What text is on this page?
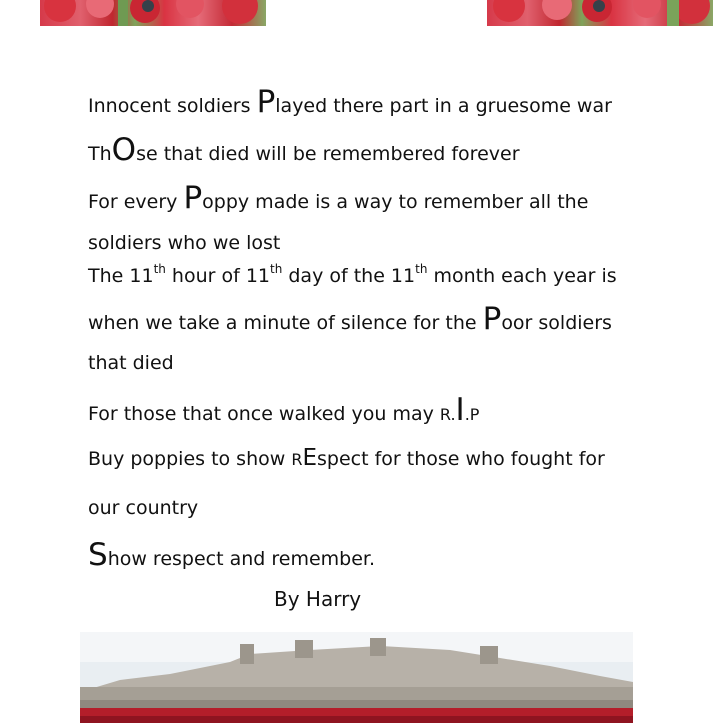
Innocent soldiers Played there part in a gruesome war
ThOse that died will be remembered forever
For every Poppy made is a way to remember all the
soldiers who we lost
The 11th hour of 11th day of the 11th month each year is
when we take a minute of silence for the Poor soldiers
that died
For those that once walked you may R.I.P
Buy poppies to show REspect for those who fought for
our country
Show respect and remember.
By Harry
